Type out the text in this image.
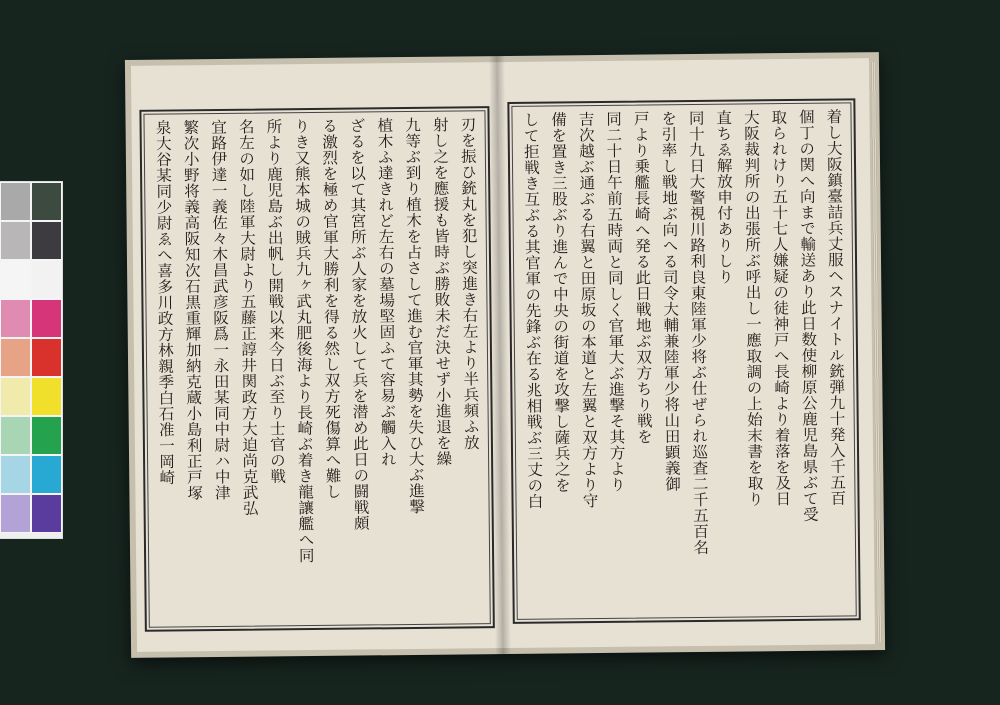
刃を振ひ銃丸を犯し突進き右左より半兵頻ふ放
射し之を應援も皆時ぶ勝敗未だ決せず小進退を繰
九等ぶ到り植木を占さして進む官軍其勢を失ひ大ぶ進撃
植木ふ達きれど左右の墓場堅固ふて容易ぶ觸入れ
ざるを以て其宮所ぶ人家を放火して兵を潜め此日の闘戦頗
る激烈を極め官軍大勝利を得る然し双方死傷算へ難し
りき又熊本城の賊兵九ヶ武丸肥後海より長崎ぶ着き龍讓艦へ同
所より鹿児島ぶ出帆し開戦以来今日ぶ至り士官の戦
名左の如し陸軍大尉より五藤正諄井関政方大迫尚克武弘
宜路伊達一義佐々木昌武彦阪爲一永田某同中尉ハ中津
繁次小野将義高阪知次石黒重輝加納克蔵小島利正戸塚
泉大谷某同少尉ゑへ喜多川政方林親季白石准一岡崎	着し大阪鎮臺詰兵丈服ヘスナイトル銃弾九十発入千五百
個丁の関へ向まで輸送あり此日数使柳原公鹿児島県ぶて受
取られけり五十七人嫌疑の徒神戸へ長崎より着落を及日
大阪裁判所の出張所ぶ呼出し一應取調の上始末書を取り
直ちゑ解放申付ありしり
同十九日大警視川路利良東陸軍少将ぶ仕ぜられ巡査二千五百名
を引率し戦地ぶ向へる司令大輔兼陸軍少将山田顕義御
戸より乗艦長崎へ発る此日戦地ぶ双方ちり戦を
同二十日午前五時両と同しく官軍大ぶ進撃そ其方より
吉次越ぶ通ぶる右翼と田原坂の本道と左翼と双方より守
備を置き三股ぶり進んで中央の街道を攻撃し薩兵之を
して拒戦き互ぶる其官軍の先鋒ぶ在る兆相戦ぶ三丈の白
